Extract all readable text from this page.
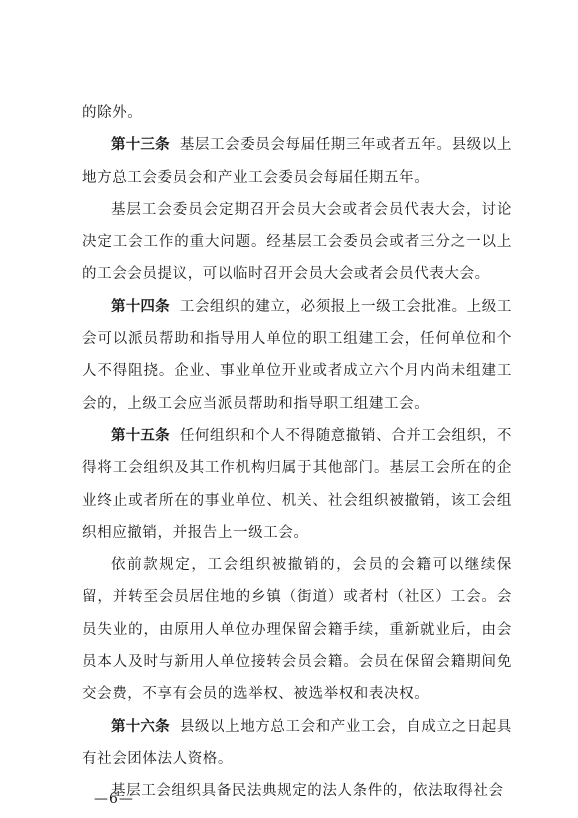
的除外。

第十三条 基层工会委员会每届任期三年或者五年。县级以上地方总工会委员会和产业工会委员会每届任期五年。

基层工会委员会定期召开会员大会或者会员代表大会，讨论决定工会工作的重大问题。经基层工会委员会或者三分之一以上的工会会员提议，可以临时召开会员大会或者会员代表大会。

第十四条 工会组织的建立，必须报上一级工会批准。上级工会可以派员帮助和指导用人单位的职工组建工会，任何单位和个人不得阻挠。企业、事业单位开业或者成立六个月内尚未组建工会的，上级工会应当派员帮助和指导职工组建工会。

第十五条 任何组织和个人不得随意撤销、合并工会组织，不得将工会组织及其工作机构归属于其他部门。基层工会所在的企业终止或者所在的事业单位、机关、社会组织被撤销，该工会组织相应撤销，并报告上一级工会。

依前款规定，工会组织被撤销的，会员的会籍可以继续保留，并转至会员居住地的乡镇（街道）或者村（社区）工会。会员失业的，由原用人单位办理保留会籍手续，重新就业后，由会员本人及时与新用人单位接转会员会籍。会员在保留会籍期间免交会费，不享有会员的选举权、被选举权和表决权。

第十六条 县级以上地方总工会和产业工会，自成立之日起具有社会团体法人资格。

基层工会组织具备民法典规定的法人条件的，依法取得社会

—6—
